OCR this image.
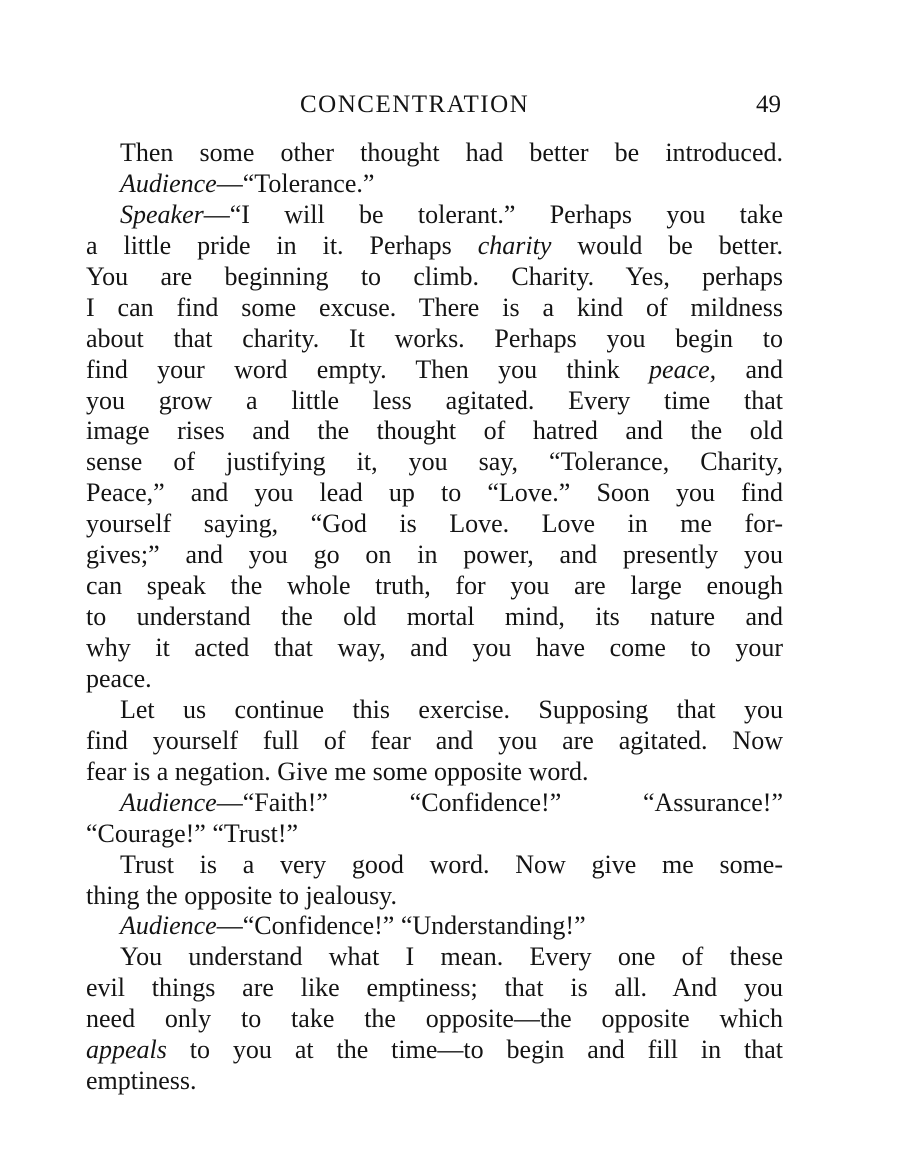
CONCENTRATION	49
Then some other thought had better be introduced.
Audience—“Tolerance.”
Speaker—“I will be tolerant.” Perhaps you take
a little pride in it. Perhaps charity would be better.
You are beginning to climb. Charity. Yes, perhaps
I can find some excuse. There is a kind of mildness
about that charity. It works. Perhaps you begin to
find your word empty. Then you think peace, and
you grow a little less agitated. Every time that
image rises and the thought of hatred and the old
sense of justifying it, you say, “Tolerance, Charity,
Peace,” and you lead up to “Love.” Soon you find
yourself saying, “God is Love. Love in me for-
gives;” and you go on in power, and presently you
can speak the whole truth, for you are large enough
to understand the old mortal mind, its nature and
why it acted that way, and you have come to your
peace.
Let us continue this exercise. Supposing that you
find yourself full of fear and you are agitated. Now
fear is a negation. Give me some opposite word.
Audience—“Faith!” “Confidence!” “Assurance!”
“Courage!” “Trust!”
Trust is a very good word. Now give me some-
thing the opposite to jealousy.
Audience—“Confidence!” “Understanding!”
You understand what I mean. Every one of these
evil things are like emptiness; that is all. And you
need only to take the opposite—the opposite which
appeals to you at the time—to begin and fill in that
emptiness.
